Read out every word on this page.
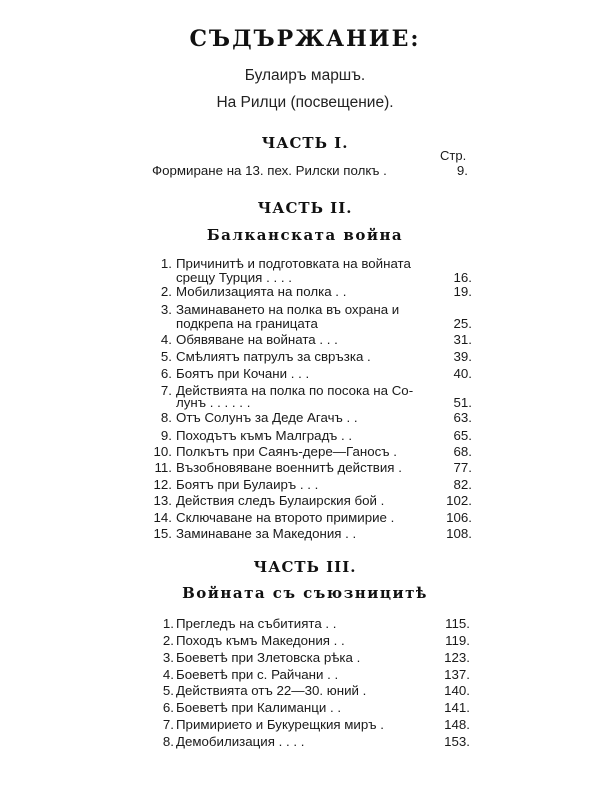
СЪДЪРЖАНИЕ:
Булаиръ маршъ.
На Рилци (посвещение).
ЧАСТЬ I.
Стр.
Формиране на 13. пех. Рилски полкъ .	9.
ЧАСТЬ II.
Балканската война
1. Причинитѣ и подготовката на войната
срещу Турция . . . .	16.
2. Мобилизацията на полка . .	19.
3. Заминаването на полка въ охрана и
подкрепа на границата	25.
4. Обявяване на войната . . .	31.
5. Смѣлиятъ патрулъ за свръзка .	39.
6. Боятъ при Кочани . . .	40.
7. Действията на полка по посока на Со-
лунъ . . . . . .	51.
8. Отъ Солунъ за Деде Агачъ . .	63.
9. Походътъ къмъ Малградъ . .	65.
10. Полкътъ при Саянъ-дере—Ганосъ .	68.
11. Възобновяване военнитѣ действия .	77.
12. Боятъ при Булаиръ . . .	82.
13. Действия следъ Булаирския бой .	102.
14. Сключаване на второто примирие .	106.
15. Заминаване за Македония . .	108.
ЧАСТЬ III.
Войната съ съюзницитѣ
1. Прегледъ на събитията . .	115.
2. Походъ къмъ Македония . .	119.
3. Боеветѣ при Злетовска рѣка .	123.
4. Боеветѣ при с. Райчани . .	137.
5. Действията отъ 22—30. юний .	140.
6. Боеветѣ при Калиманци . .	141.
7. Примирието и Букурещкия миръ .	148.
8. Демобилизация . . . .	153.
